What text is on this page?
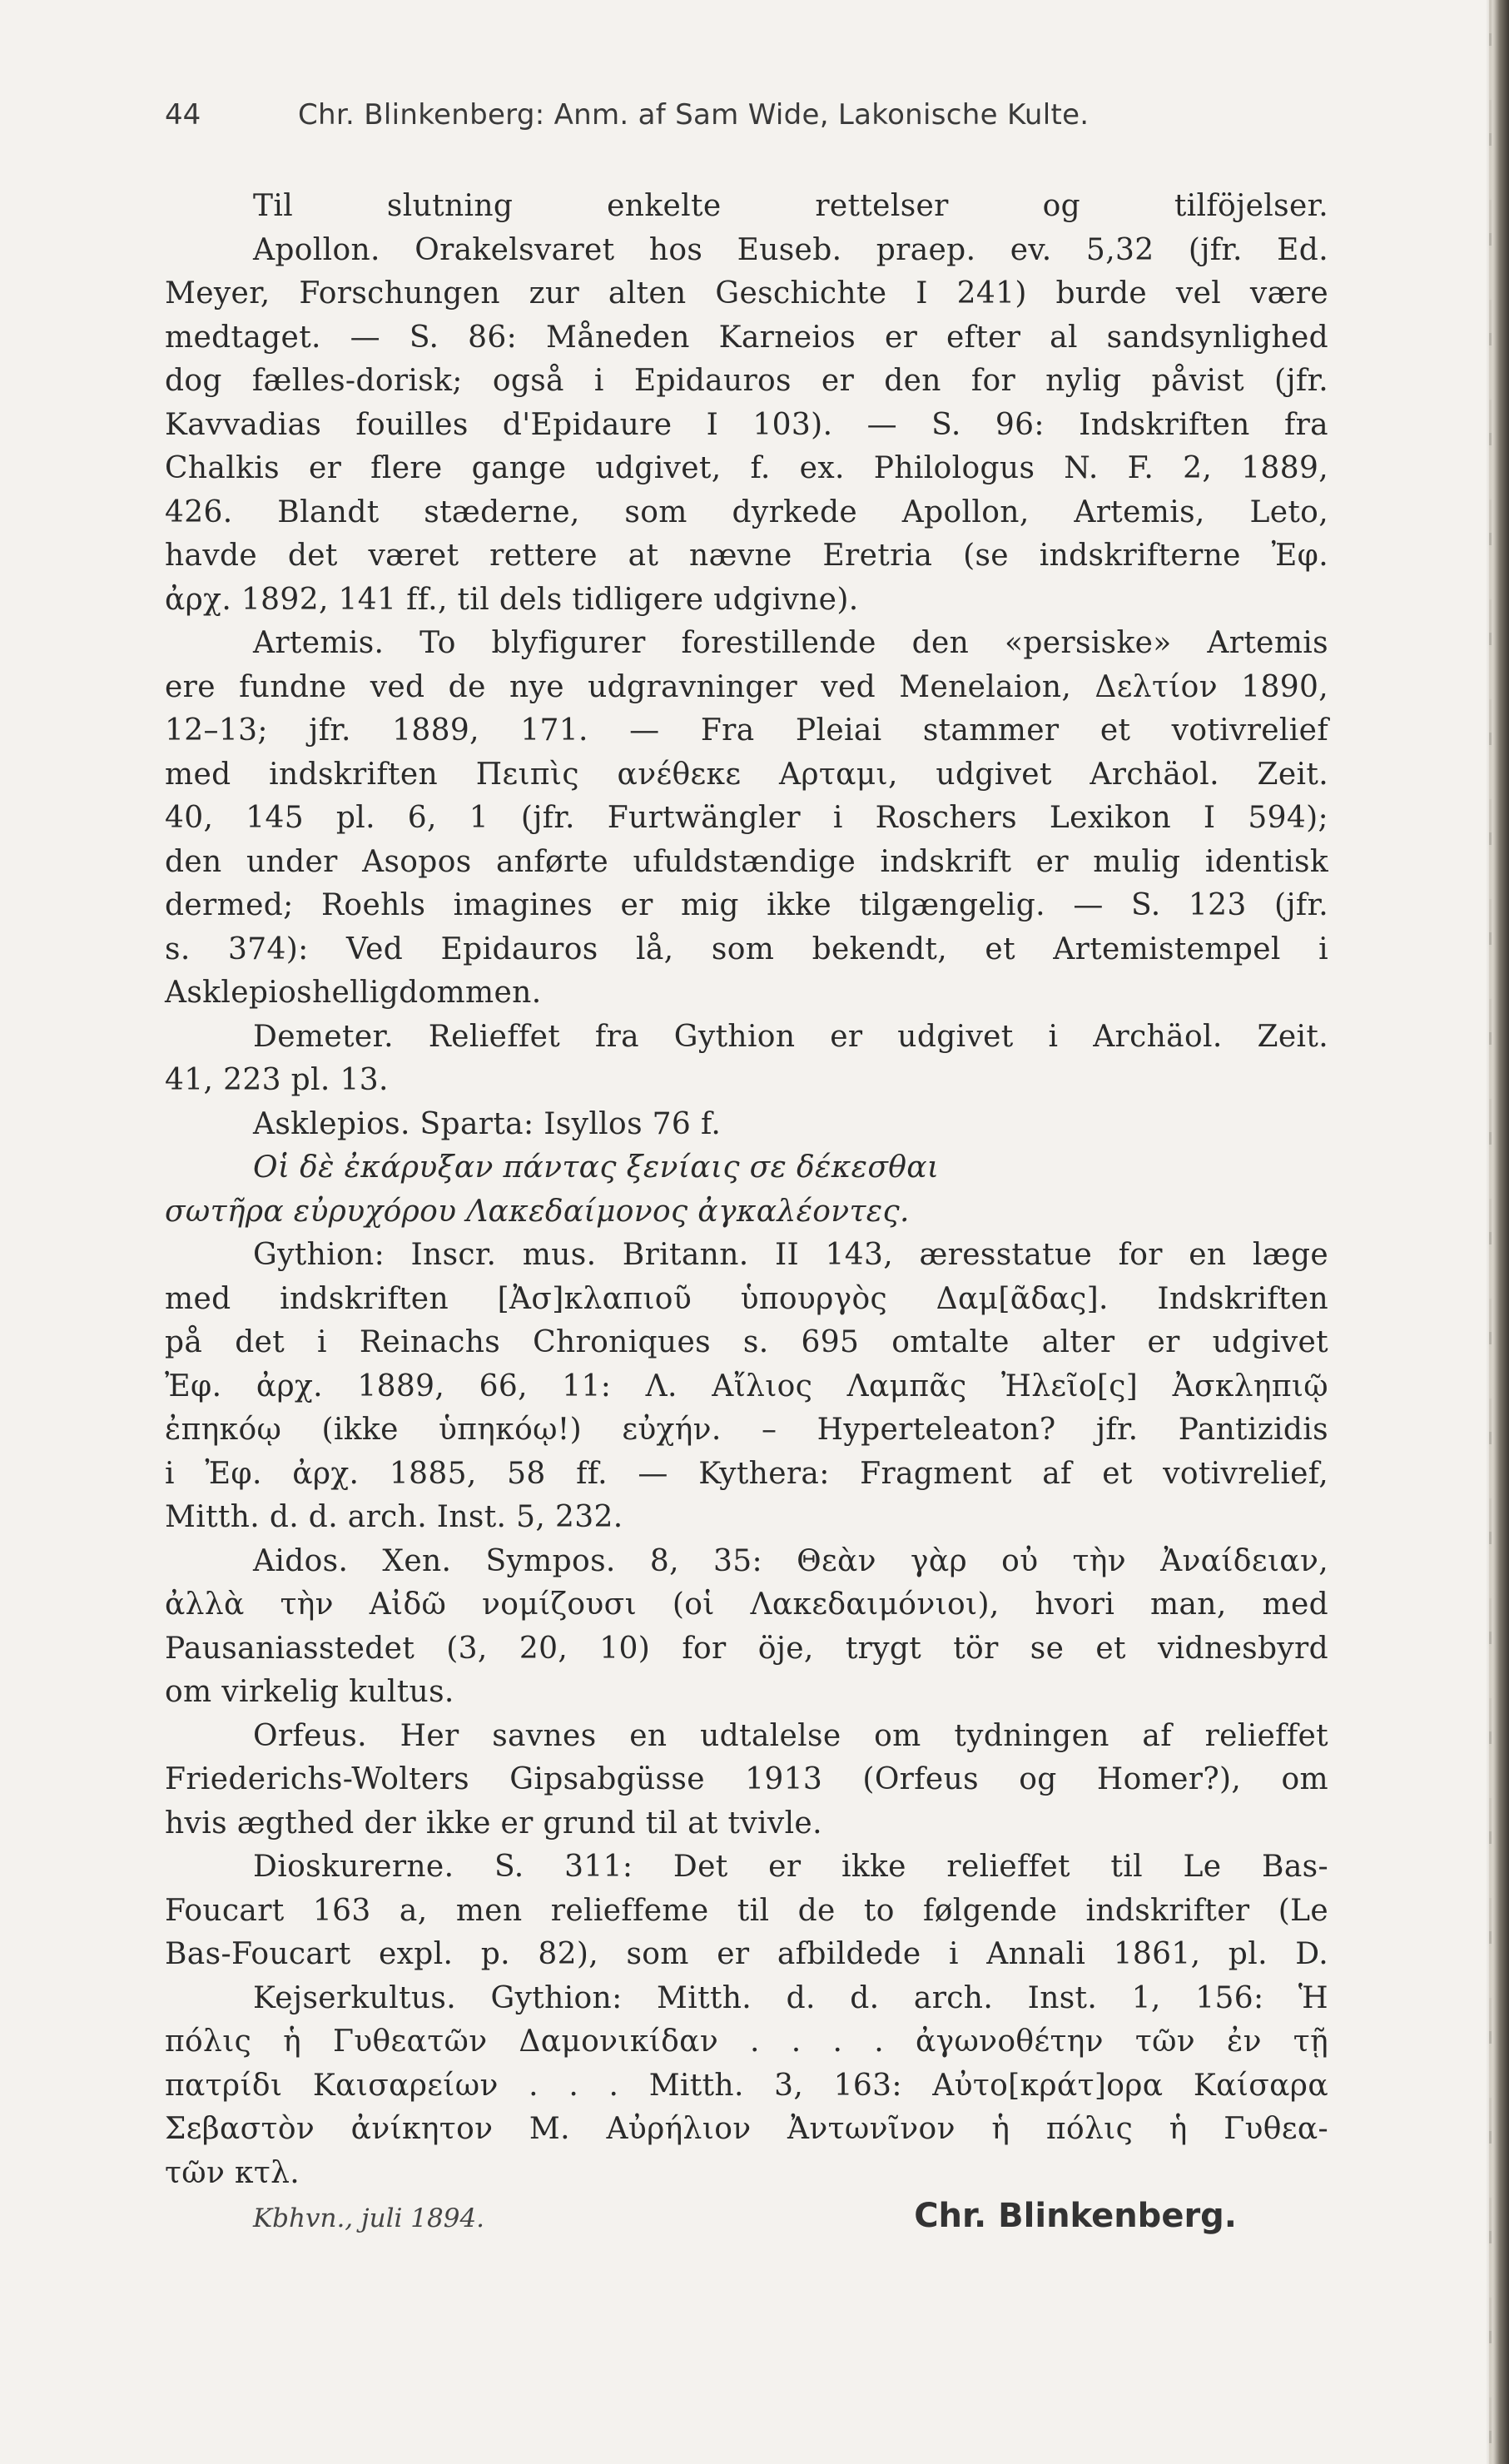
44	Chr. Blinkenberg: Anm. af Sam Wide, Lakonische Kulte.
Til slutning enkelte rettelser og tilföjelser.
Apollon. Orakelsvaret hos Euseb. praep. ev. 5,32 (jfr. Ed.
Meyer, Forschungen zur alten Geschichte I 241) burde vel være
medtaget. — S. 86: Måneden Karneios er efter al sandsynlighed
dog fælles-dorisk; også i Epidauros er den for nylig påvist (jfr.
Kavvadias fouilles d'Epidaure I 103). — S. 96: Indskriften fra
Chalkis er flere gange udgivet, f. ex. Philologus N. F. 2, 1889,
426. Blandt stæderne, som dyrkede Apollon, Artemis, Leto,
havde det været rettere at nævne Eretria (se indskrifterne Ἐφ.
ἀρχ. 1892, 141 ff., til dels tidligere udgivne).
Artemis. To blyfigurer forestillende den «persiske» Artemis
ere fundne ved de nye udgravninger ved Menelaion, Δελτίον 1890,
12–13; jfr. 1889, 171. — Fra Pleiai stammer et votivrelief
med indskriften Πειπὶς ανέθεκε Αρταμι, udgivet Archäol. Zeit.
40, 145 pl. 6, 1 (jfr. Furtwängler i Roschers Lexikon I 594);
den under Asopos anførte ufuldstændige indskrift er mulig identisk
dermed; Roehls imagines er mig ikke tilgængelig. — S. 123 (jfr.
s. 374): Ved Epidauros lå, som bekendt, et Artemistempel i
Asklepioshelligdommen.
Demeter. Relieffet fra Gythion er udgivet i Archäol. Zeit.
41, 223 pl. 13.
Asklepios. Sparta: Isyllos 76 f.
Οἱ δὲ ἐκάρυξαν πάντας ξενίαις σε δέκεσθαι
σωτῆρα εὐρυχόρου Λακεδαίμονος ἀγκαλέοντες.
Gythion: Inscr. mus. Britann. II 143, æresstatue for en læge
med indskriften [Ἀσ]κλαπιοῦ ὑπουργὸς Δαμ[ᾶδας]. Indskriften
på det i Reinachs Chroniques s. 695 omtalte alter er udgivet
Ἐφ. ἀρχ. 1889, 66, 11: Λ. Αἴλιος Λαμπᾶς Ἠλεῖο[ς] Ἀσκληπιῷ
ἐπηκόῳ (ikke ὑπηκόῳ!) εὐχήν. – Hyperteleaton? jfr. Pantizidis
i Ἐφ. ἀρχ. 1885, 58 ff. — Kythera: Fragment af et votivrelief,
Mitth. d. d. arch. Inst. 5, 232.
Aidos. Xen. Sympos. 8, 35: Θεὰν γὰρ οὐ τὴν Ἀναίδειαν,
ἀλλὰ τὴν Αἰδῶ νομίζουσι (οἱ Λακεδαιμόνιοι), hvori man, med
Pausaniasstedet (3, 20, 10) for öje, trygt tör se et vidnesbyrd
om virkelig kultus.
Orfeus. Her savnes en udtalelse om tydningen af relieffet
Friederichs-Wolters Gipsabgüsse 1913 (Orfeus og Homer?), om
hvis ægthed der ikke er grund til at tvivle.
Dioskurerne. S. 311: Det er ikke relieffet til Le Bas-
Foucart 163 a, men relieffeme til de to følgende indskrifter (Le
Bas-Foucart expl. p. 82), som er afbildede i Annali 1861, pl. D.
Kejserkultus. Gythion: Mitth. d. d. arch. Inst. 1, 156: Ἡ
πόλις ἡ Γυθεατῶν Δαμονικίδαν . . . . ἀγωνοθέτην τῶν ἐν τῇ
πατρίδι Καισαρείων . . . Mitth. 3, 163: Αὐτο[κράτ]ορα Καίσαρα
Σεβαστὸν ἀνίκητον Μ. Αὐρήλιον Ἀντωνῖνον ἡ πόλις ἡ Γυθεα-
τῶν κτλ.
Kbhvn., juli 1894.	Chr. Blinkenberg.
